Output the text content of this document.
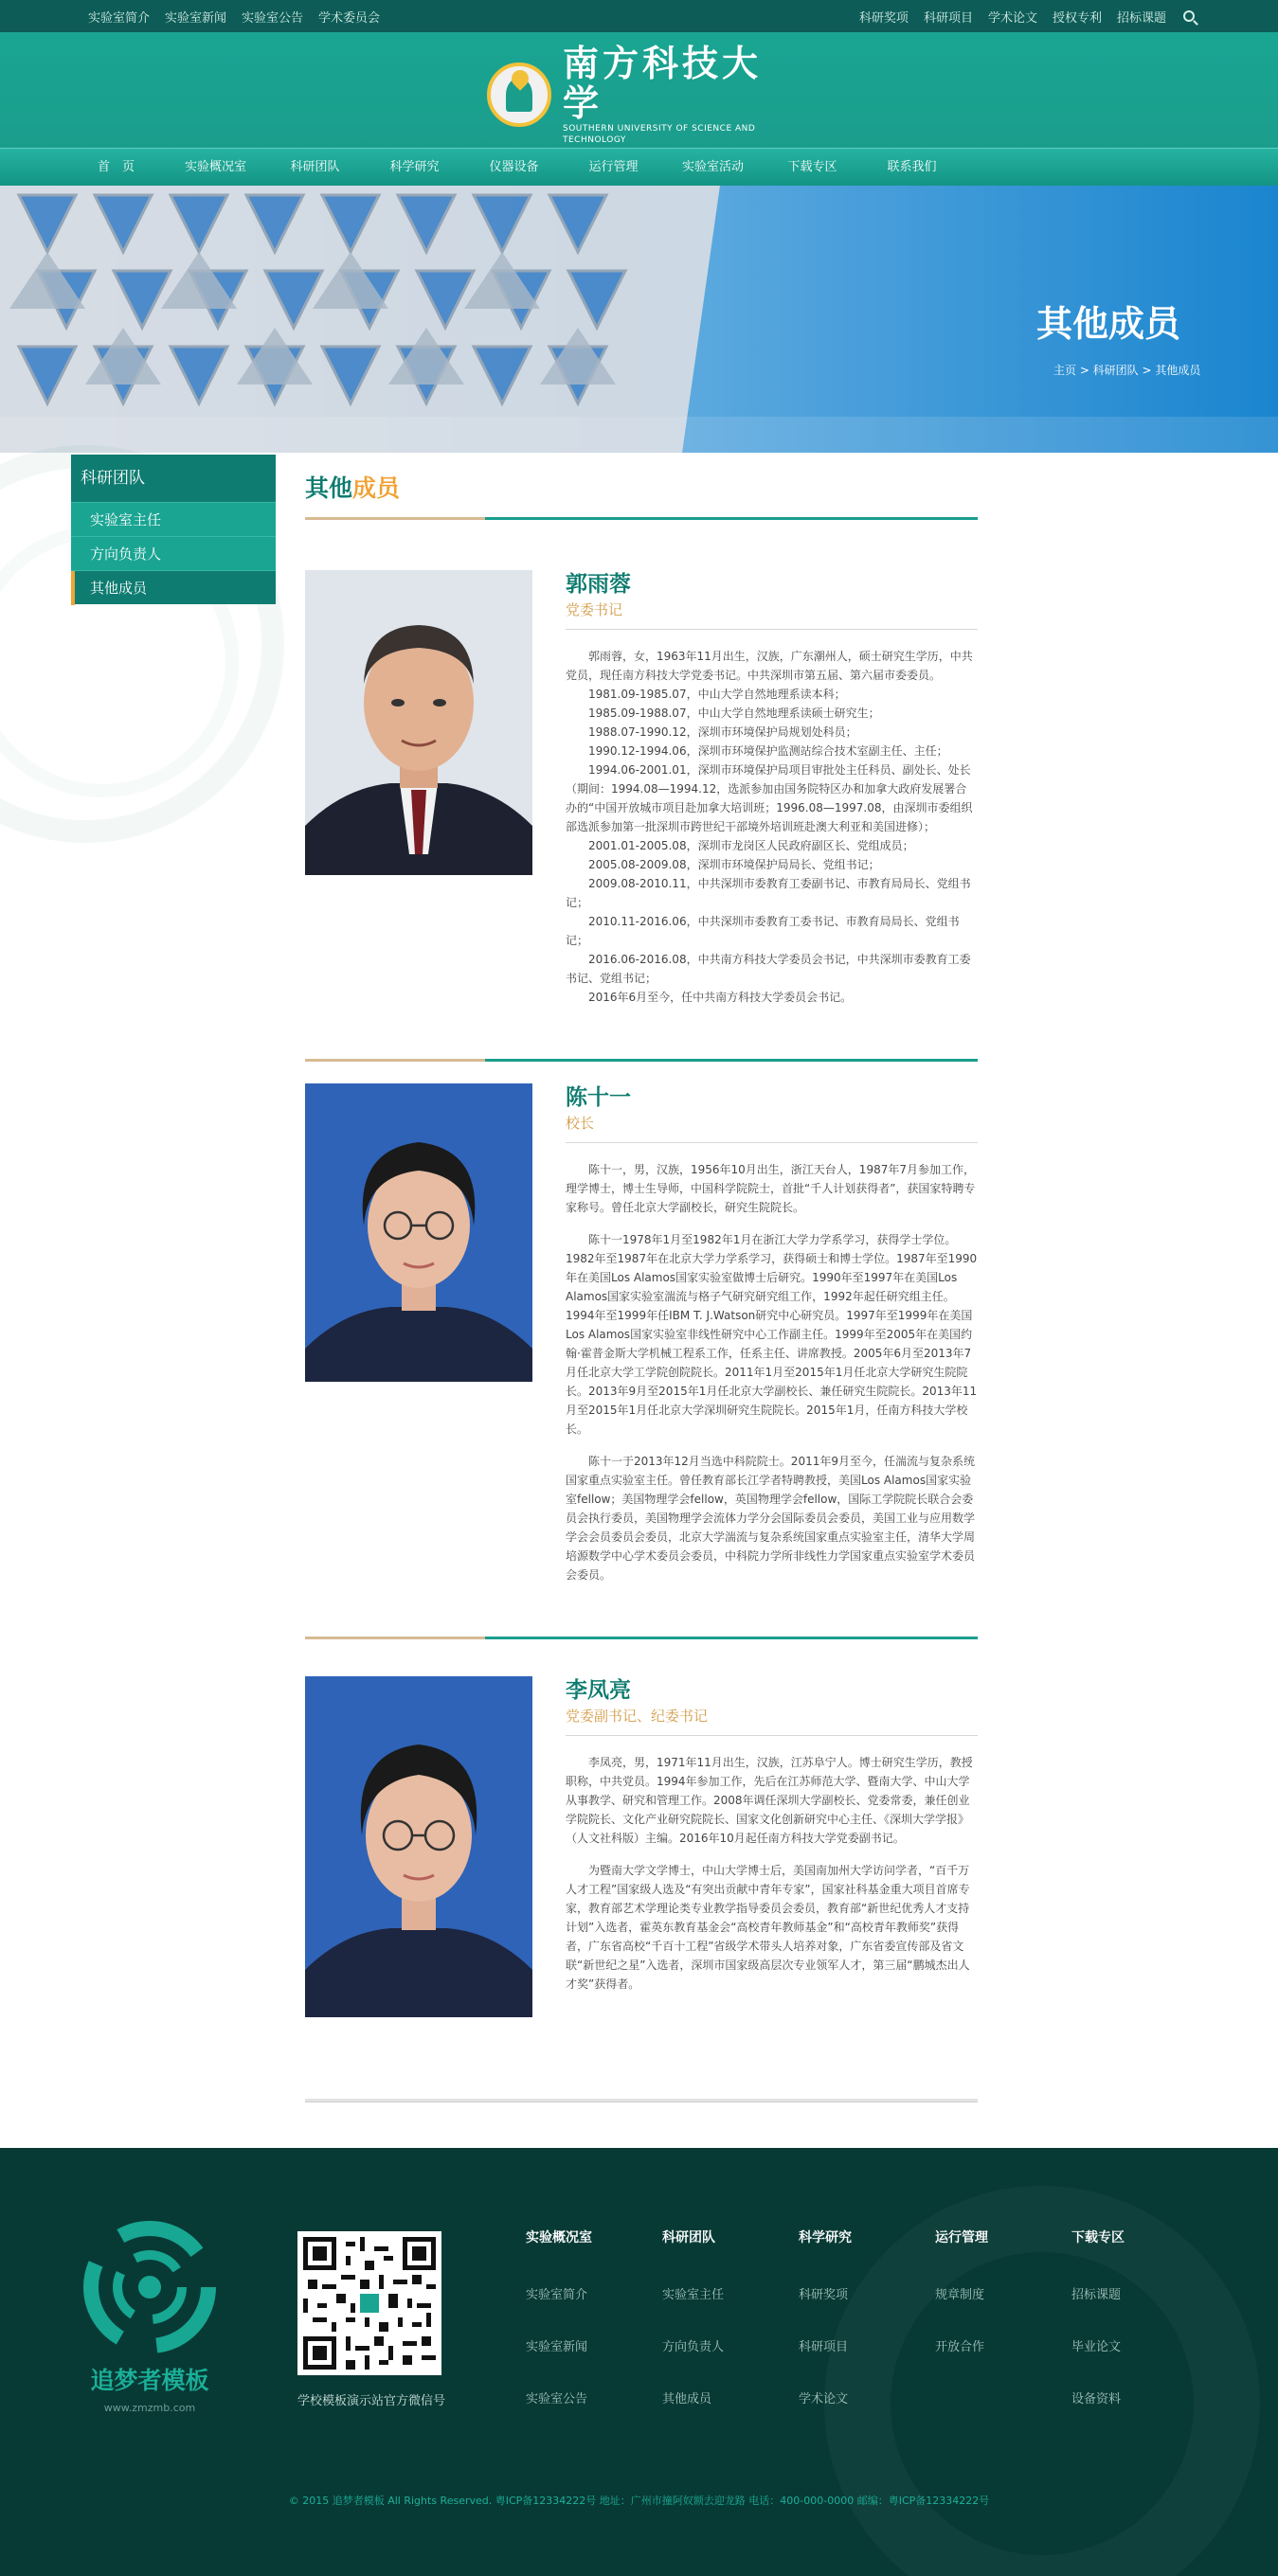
实验室简介 实验室新闻 实验室公告 学术委员会	科研奖项 科研项目 学术论文 授权专利 招标课题
南方科技大学
SOUTHERN UNIVERSITY OF SCIENCE AND TECHNOLOGY
首　页	实验概况室	科研团队	科学研究	仪器设备	运行管理	实验室活动	下载专区	联系我们
其他成员
主页 > 科研团队 > 其他成员
科研团队
实验室主任
方向负责人
其他成员
其他成员
郭雨蓉
党委书记

郭雨蓉，女，1963年11月出生，汉族，广东潮州人，硕士研究生学历，中共党员，现任南方科技大学党委书记。中共深圳市第五届、第六届市委委员。

1981.09-1985.07，中山大学自然地理系读本科；

1985.09-1988.07，中山大学自然地理系读硕士研究生；

1988.07-1990.12，深圳市环境保护局规划处科员；

1990.12-1994.06，深圳市环境保护监测站综合技术室副主任、主任；

1994.06-2001.01，深圳市环境保护局项目审批处主任科员、副处长、处长（期间：1994.08—1994.12，选派参加由国务院特区办和加拿大政府发展署合办的“中国开放城市项目赴加拿大培训班；1996.08—1997.08，由深圳市委组织部选派参加第一批深圳市跨世纪干部境外培训班赴澳大利亚和美国进修）；

2001.01-2005.08，深圳市龙岗区人民政府副区长、党组成员；

2005.08-2009.08，深圳市环境保护局局长、党组书记；

2009.08-2010.11，中共深圳市委教育工委副书记、市教育局局长、党组书记；

2010.11-2016.06，中共深圳市委教育工委书记、市教育局局长、党组书记；

2016.06-2016.08，中共南方科技大学委员会书记，中共深圳市委教育工委书记、党组书记；

2016年6月至今，任中共南方科技大学委员会书记。

陈十一
校长

陈十一，男，汉族，1956年10月出生，浙江天台人，1987年7月参加工作，理学博士，博士生导师，中国科学院院士，首批“千人计划获得者”，获国家特聘专家称号。曾任北京大学副校长，研究生院院长。

陈十一1978年1月至1982年1月在浙江大学力学系学习，获得学士学位。1982年至1987年在北京大学力学系学习，获得硕士和博士学位。1987年至1990年在美国Los Alamos国家实验室做博士后研究。1990年至1997年在美国Los Alamos国家实验室湍流与格子气研究研究组工作，1992年起任研究组主任。1994年至1999年任IBM T. J.Watson研究中心研究员。1997年至1999年在美国Los Alamos国家实验室非线性研究中心工作副主任。1999年至2005年在美国约翰·霍普金斯大学机械工程系工作，任系主任、讲席教授。2005年6月至2013年7月任北京大学工学院创院院长。2011年1月至2015年1月任北京大学研究生院院长。2013年9月至2015年1月任北京大学副校长、兼任研究生院院长。2013年11月至2015年1月任北京大学深圳研究生院院长。2015年1月，任南方科技大学校长。

陈十一于2013年12月当选中科院院士。2011年9月至今，任湍流与复杂系统国家重点实验室主任。曾任教育部长江学者特聘教授，美国Los Alamos国家实验室fellow；美国物理学会fellow，英国物理学会fellow，国际工学院院长联合会委员会执行委员，美国物理学会流体力学分会国际委员会委员，美国工业与应用数学学会会员委员会委员，北京大学湍流与复杂系统国家重点实验室主任，清华大学周培源数学中心学术委员会委员，中科院力学所非线性力学国家重点实验室学术委员会委员。

李凤亮
党委副书记、纪委书记

李凤亮，男，1971年11月出生，汉族，江苏阜宁人。博士研究生学历，教授职称，中共党员。1994年参加工作，先后在江苏师范大学、暨南大学、中山大学从事教学、研究和管理工作。2008年调任深圳大学副校长、党委常委，兼任创业学院院长、文化产业研究院院长、国家文化创新研究中心主任、《深圳大学学报》（人文社科版）主编。2016年10月起任南方科技大学党委副书记。

为暨南大学文学博士，中山大学博士后，美国南加州大学访问学者，“百千万人才工程”国家级人选及“有突出贡献中青年专家”，国家社科基金重大项目首席专家，教育部艺术学理论类专业教学指导委员会委员，教育部“新世纪优秀人才支持计划”入选者，霍英东教育基金会“高校青年教师基金”和“高校青年教师奖”获得者，广东省高校“千百十工程”省级学术带头人培养对象，广东省委宣传部及省文联“新世纪之星”入选者，深圳市国家级高层次专业领军人才，第三届“鹏城杰出人才奖”获得者。

追梦者模板
www.zmzmb.com	学校模板演示站官方微信号
实验概况室
实验室简介
实验室新闻
实验室公告
科研团队
实验室主任
方向负责人
其他成员
科学研究
科研奖项
科研项目
学术论文
运行管理
规章制度
开放合作
下载专区
招标课题
毕业论文
设备资料
© 2015 追梦者模板 All Rights Reserved. 粤ICP备12334222号 地址：广州市撞阿奴额去迎龙路 电话：400-000-0000 邮编：粤ICP备12334222号
